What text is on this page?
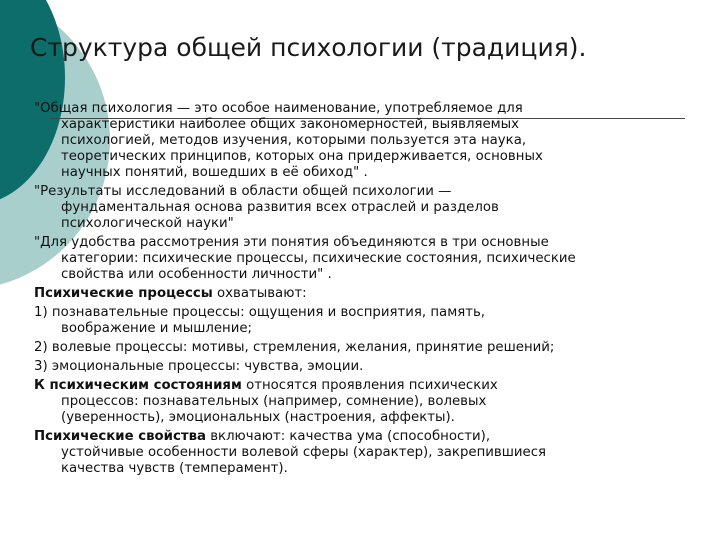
Структура общей психологии (традиция).

"Общая психология — это особое наименование, употребляемое для
характеристики наиболее общих закономерностей, выявляемых
психологией, методов изучения, которыми пользуется эта наука,
теоретических принципов, которых она придерживается, основных
научных понятий, вошедших в её обиход" .

"Результаты исследований в области общей психологии —
фундаментальная основа развития всех отраслей и разделов
психологической науки"

"Для удобства рассмотрения эти понятия объединяются в три основные
категории: психические процессы, психические состояния, психические
свойства или особенности личности" .

Психические процессы охватывают:

1) познавательные процессы: ощущения и восприятия, память,
воображение и мышление;

2) волевые процессы: мотивы, стремления, желания, принятие решений;

3) эмоциональные процессы: чувства, эмоции.

К психическим состояниям относятся проявления психических
процессов: познавательных (например, сомнение), волевых
(уверенность), эмоциональных (настроения, аффекты).

Психические свойства включают: качества ума (способности),
устойчивые особенности волевой сферы (характер), закрепившиеся
качества чувств (темперамент).
